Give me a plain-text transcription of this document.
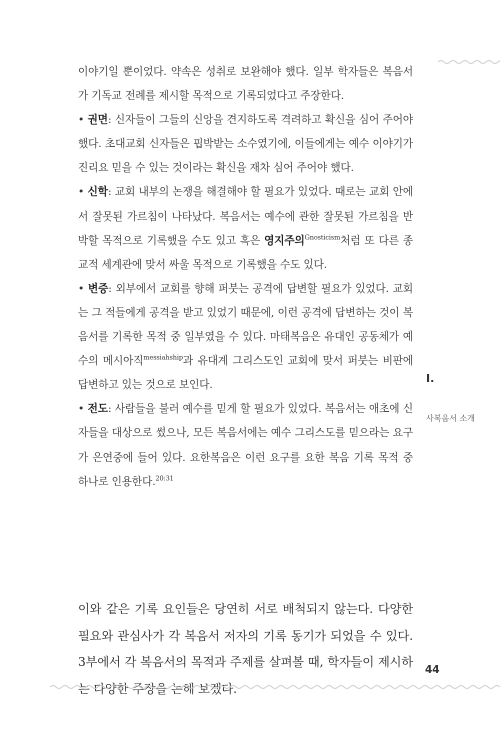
이야기일 뿐이었다. 약속은 성취로 보완해야 했다. 일부 학자들은 복음서가 기독교 전례를 제시할 목적으로 기록되었다고 주장한다.

• 권면: 신자들이 그들의 신앙을 견지하도록 격려하고 확신을 심어 주어야 했다. 초대교회 신자들은 핍박받는 소수였기에, 이들에게는 예수 이야기가 진리요 믿을 수 있는 것이라는 확신을 재차 심어 주어야 했다.

• 신학: 교회 내부의 논쟁을 해결해야 할 필요가 있었다. 때로는 교회 안에서 잘못된 가르침이 나타났다. 복음서는 예수에 관한 잘못된 가르침을 반박할 목적으로 기록했을 수도 있고 혹은 영지주의$^{Gnosticism}$처럼 또 다른 종교적 세계관에 맞서 싸울 목적으로 기록했을 수도 있다.

• 변증: 외부에서 교회를 향해 퍼붓는 공격에 답변할 필요가 있었다. 교회는 그 적들에게 공격을 받고 있었기 때문에, 이런 공격에 답변하는 것이 복음서를 기록한 목적 중 일부였을 수 있다. 마태복음은 유대인 공동체가 예수의 메시아직$^{messiahship}$과 유대계 그리스도인 교회에 맞서 퍼붓는 비판에 답변하고 있는 것으로 보인다.

• 전도: 사람들을 불러 예수를 믿게 할 필요가 있었다. 복음서는 애초에 신자들을 대상으로 썼으나, 모든 복음서에는 예수 그리스도를 믿으라는 요구가 은연중에 들어 있다. 요한복음은 이런 요구를 요한 복음 기록 목적 중 하나로 인용한다.$^{20:31}$

이와 같은 기록 요인들은 당연히 서로 배척되지 않는다. 다양한 필요와 관심사가 각 복음서 저자의 기록 동기가 되었을 수 있다. 3부에서 각 복음서의 목적과 주제를 살펴볼 때, 학자들이 제시하는 다양한 주장을 논해 보겠다.

I.
사복음서 소개
44
